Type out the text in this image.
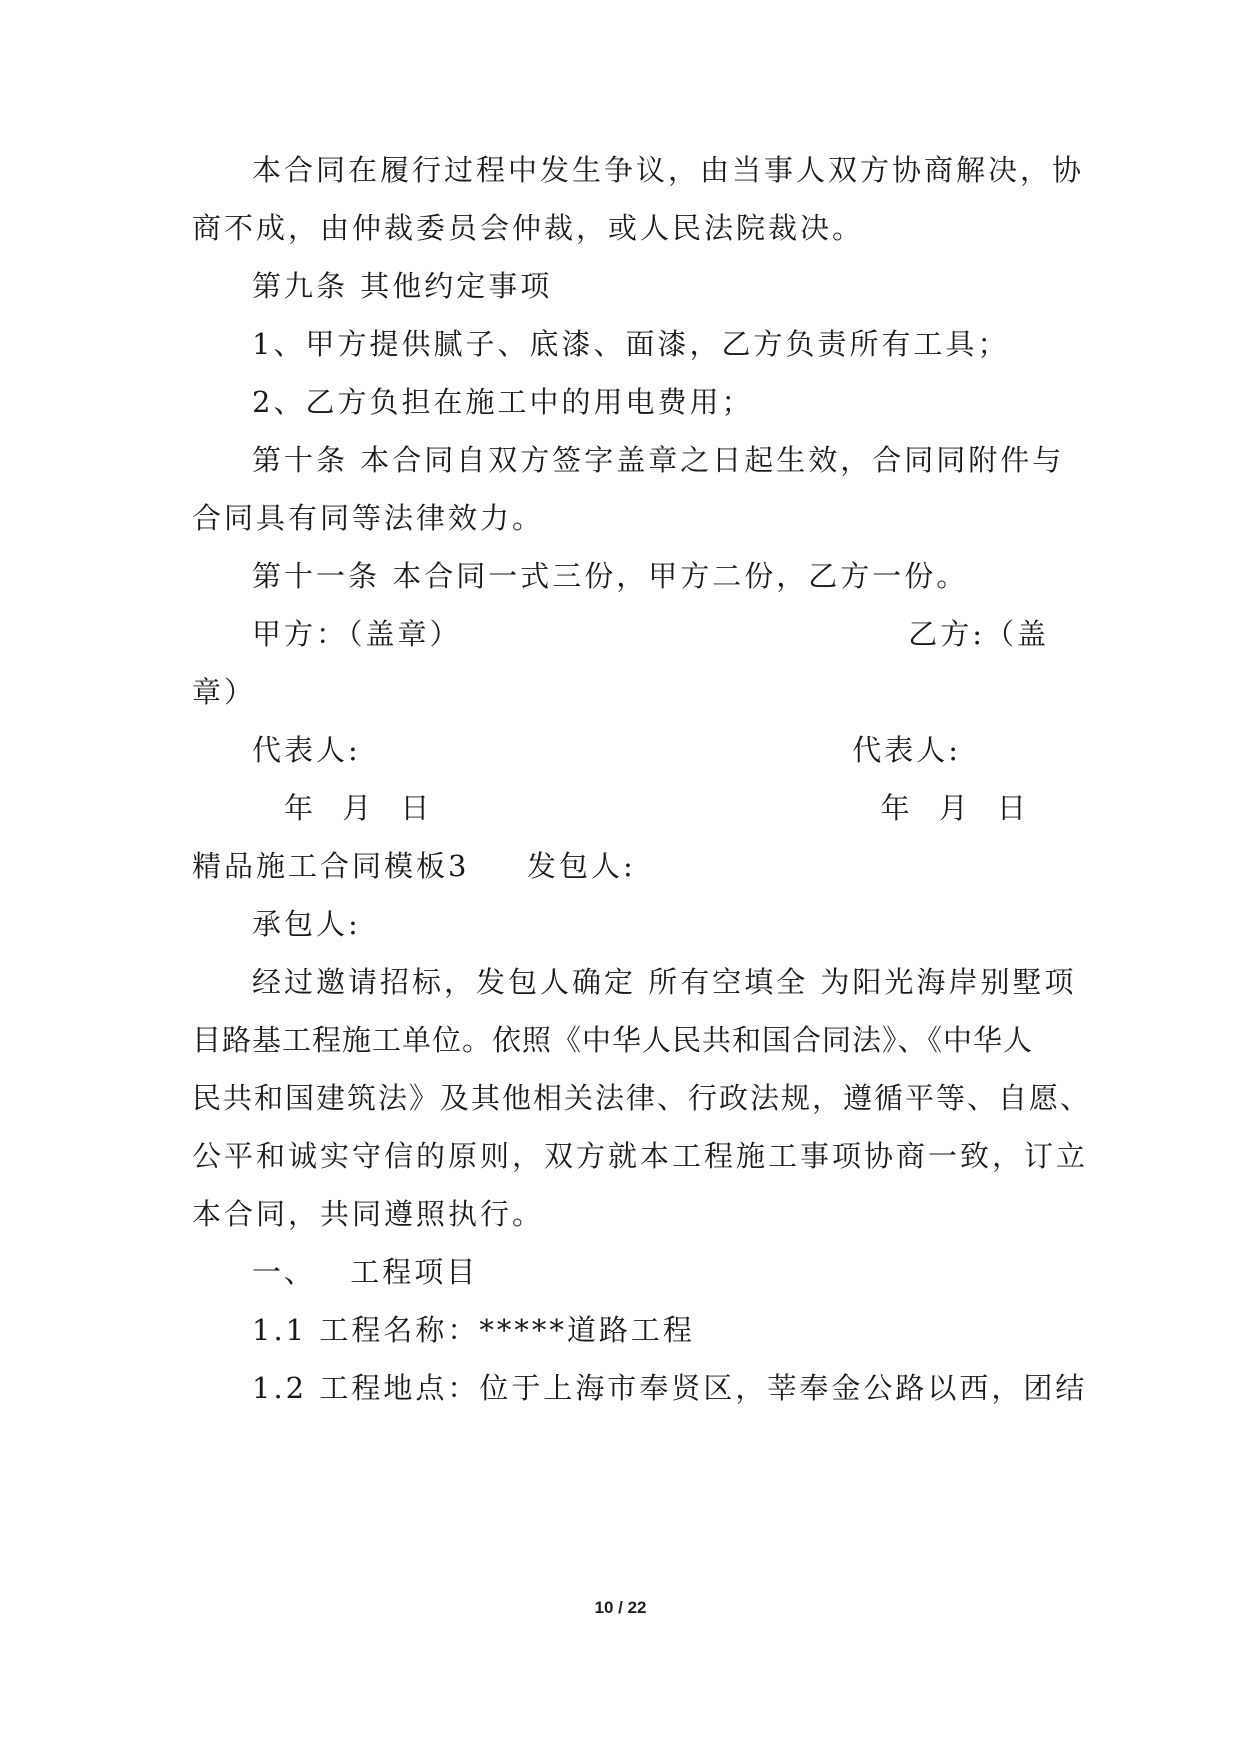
本合同在履行过程中发生争议，由当事人双方协商解决，协
商不成，由仲裁委员会仲裁，或人民法院裁决。
第九条 其他约定事项
1、甲方提供腻子、底漆、面漆，乙方负责所有工具；
2、乙方负担在施工中的用电费用；
第十条 本合同自双方签字盖章之日起生效，合同同附件与
合同具有同等法律效力。
第十一条 本合同一式三份，甲方二份，乙方一份。
甲方：（盖章）	乙方:（盖
章）
代表人:	代表人:
年 月 日	年 月 日
精品施工合同模板3 发包人:
承包人:
经过邀请招标，发包人确定 所有空填全 为阳光海岸别墅项
目路基工程施工单位。依照《中华人民共和国合同法》、《中华人
民共和国建筑法》及其他相关法律、行政法规，遵循平等、自愿、
公平和诚实守信的原则，双方就本工程施工事项协商一致，订立
本合同，共同遵照执行。
一、 工程项目
1.1 工程名称：*****道路工程
1.2 工程地点：位于上海市奉贤区，莘奉金公路以西，团结
10 / 22
